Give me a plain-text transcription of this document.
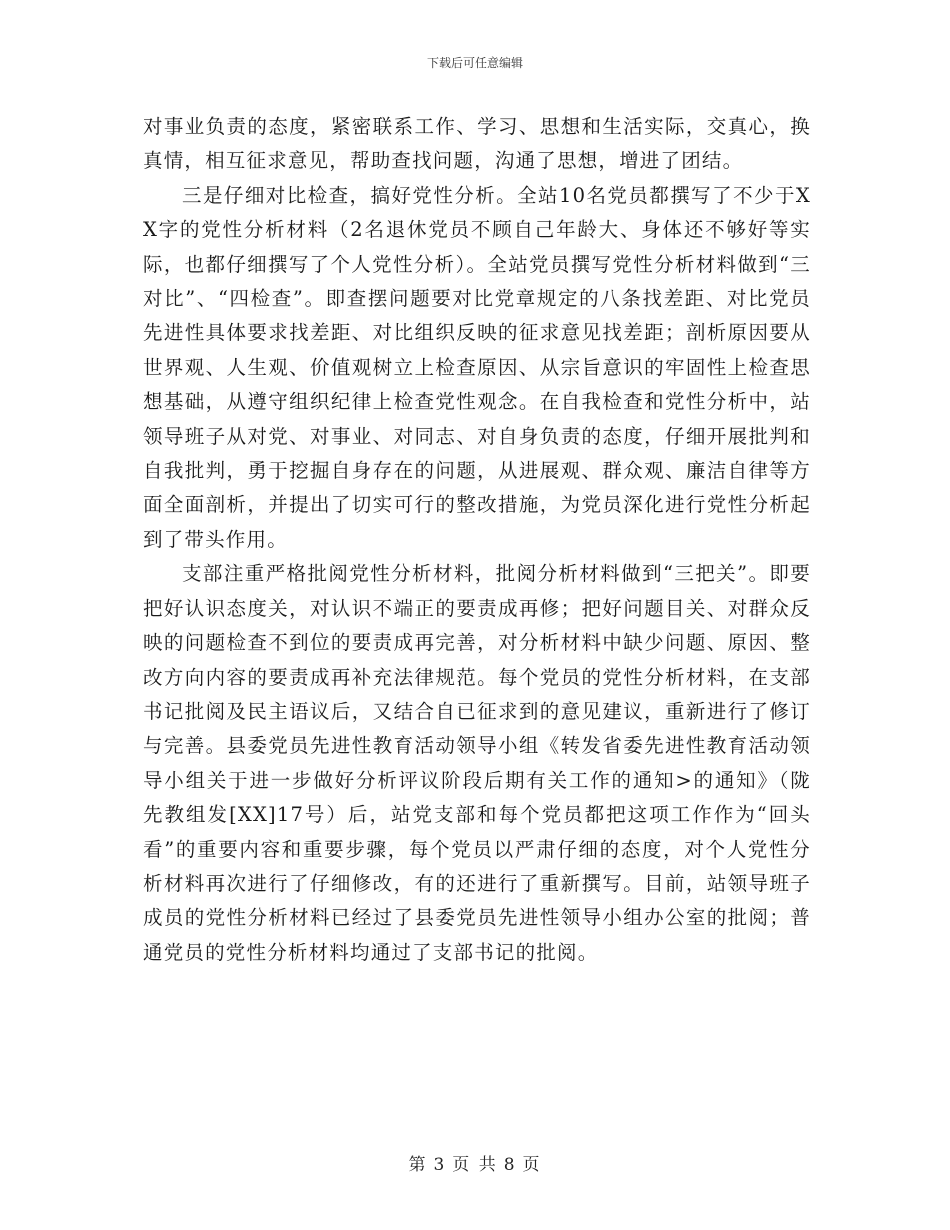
下载后可任意编辑

对事业负责的态度，紧密联系工作、学习、思想和生活实际，交真心，换真情，相互征求意见，帮助查找问题，沟通了思想，增进了团结。

三是仔细对比检查，搞好党性分析。全站10名党员都撰写了不少于XX字的党性分析材料（2名退休党员不顾自己年龄大、身体还不够好等实际，也都仔细撰写了个人党性分析）。全站党员撰写党性分析材料做到“三对比”、“四检查”。即查摆问题要对比党章规定的八条找差距、对比党员先进性具体要求找差距、对比组织反映的征求意见找差距；剖析原因要从世界观、人生观、价值观树立上检查原因、从宗旨意识的牢固性上检查思想基础，从遵守组织纪律上检查党性观念。在自我检查和党性分析中，站领导班子从对党、对事业、对同志、对自身负责的态度，仔细开展批判和自我批判，勇于挖掘自身存在的问题，从进展观、群众观、廉洁自律等方面全面剖析，并提出了切实可行的整改措施，为党员深化进行党性分析起到了带头作用。

支部注重严格批阅党性分析材料，批阅分析材料做到“三把关”。即要把好认识态度关，对认识不端正的要责成再修；把好问题目关、对群众反映的问题检查不到位的要责成再完善，对分析材料中缺少问题、原因、整改方向内容的要责成再补充法律规范。每个党员的党性分析材料，在支部书记批阅及民主语议后，又结合自已征求到的意见建议，重新进行了修订与完善。县委党员先进性教育活动领导小组《转发省委先进性教育活动领导小组关于进一步做好分析评议阶段后期有关工作的通知>的通知》（陇先教组发[XX]17号）后，站党支部和每个党员都把这项工作作为“回头看”的重要内容和重要步骤，每个党员以严肃仔细的态度，对个人党性分析材料再次进行了仔细修改，有的还进行了重新撰写。目前，站领导班子成员的党性分析材料已经过了县委党员先进性领导小组办公室的批阅；普通党员的党性分析材料均通过了支部书记的批阅。

第 3 页 共 8 页
